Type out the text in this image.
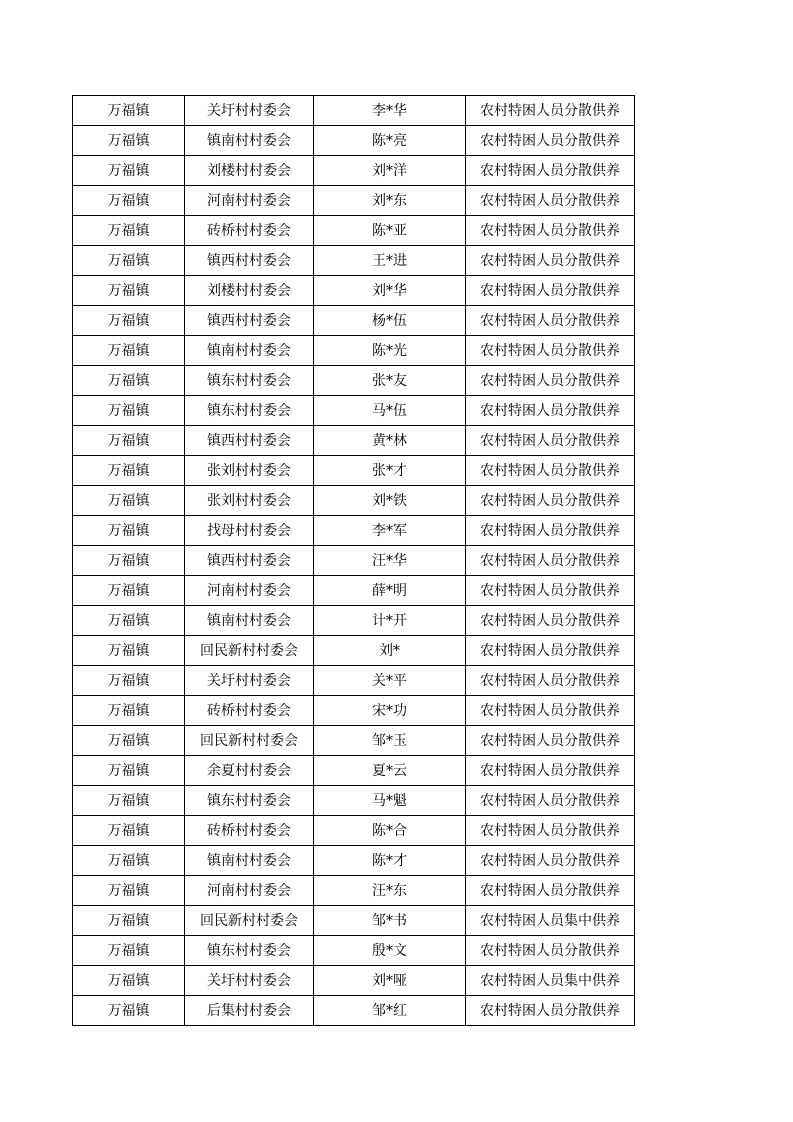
万福镇	关圩村村委会	李*华	农村特困人员分散供养
万福镇	镇南村村委会	陈*亮	农村特困人员分散供养
万福镇	刘楼村村委会	刘*洋	农村特困人员分散供养
万福镇	河南村村委会	刘*东	农村特困人员分散供养
万福镇	砖桥村村委会	陈*亚	农村特困人员分散供养
万福镇	镇西村村委会	王*进	农村特困人员分散供养
万福镇	刘楼村村委会	刘*华	农村特困人员分散供养
万福镇	镇西村村委会	杨*伍	农村特困人员分散供养
万福镇	镇南村村委会	陈*光	农村特困人员分散供养
万福镇	镇东村村委会	张*友	农村特困人员分散供养
万福镇	镇东村村委会	马*伍	农村特困人员分散供养
万福镇	镇西村村委会	黄*林	农村特困人员分散供养
万福镇	张刘村村委会	张*才	农村特困人员分散供养
万福镇	张刘村村委会	刘*铁	农村特困人员分散供养
万福镇	找母村村委会	李*军	农村特困人员分散供养
万福镇	镇西村村委会	汪*华	农村特困人员分散供养
万福镇	河南村村委会	薛*明	农村特困人员分散供养
万福镇	镇南村村委会	计*开	农村特困人员分散供养
万福镇	回民新村村委会	刘*	农村特困人员分散供养
万福镇	关圩村村委会	关*平	农村特困人员分散供养
万福镇	砖桥村村委会	宋*功	农村特困人员分散供养
万福镇	回民新村村委会	邹*玉	农村特困人员分散供养
万福镇	余夏村村委会	夏*云	农村特困人员分散供养
万福镇	镇东村村委会	马*魁	农村特困人员分散供养
万福镇	砖桥村村委会	陈*合	农村特困人员分散供养
万福镇	镇南村村委会	陈*才	农村特困人员分散供养
万福镇	河南村村委会	汪*东	农村特困人员分散供养
万福镇	回民新村村委会	邹*书	农村特困人员集中供养
万福镇	镇东村村委会	殷*文	农村特困人员分散供养
万福镇	关圩村村委会	刘*哑	农村特困人员集中供养
万福镇	后集村村委会	邹*红	农村特困人员分散供养
